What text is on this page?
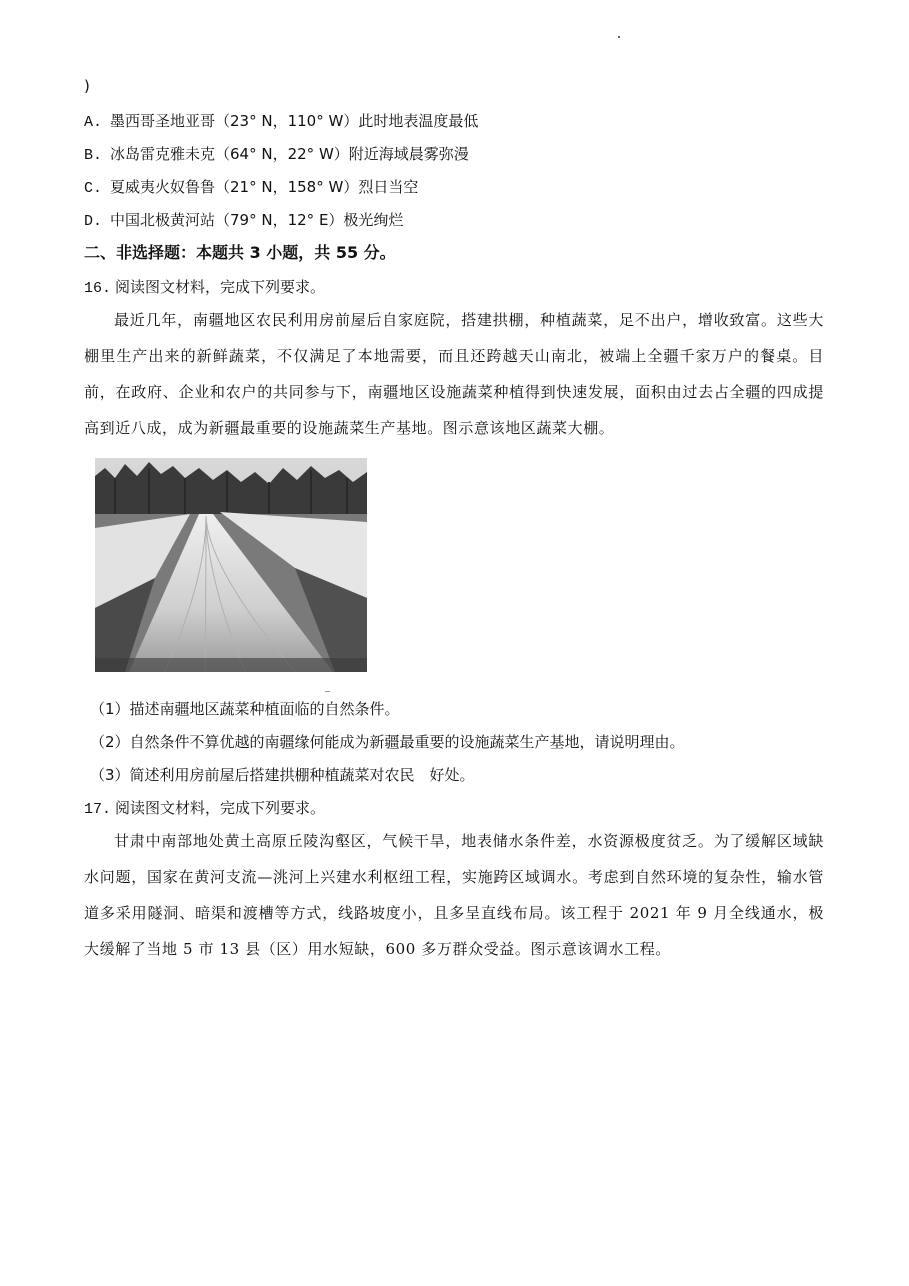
)
A. 墨西哥圣地亚哥（23° N，110° W）此时地表温度最低
B. 冰岛雷克雅未克（64° N，22° W）附近海域晨雾弥漫
C. 夏威夷火奴鲁鲁（21° N，158° W）烈日当空
D. 中国北极黄河站（79° N，12° E）极光绚烂
二、非选择题：本题共 3 小题，共 55 分。
16. 阅读图文材料，完成下列要求。
最近几年，南疆地区农民利用房前屋后自家庭院，搭建拱棚，种植蔬菜，足不出户，增收致富。这些大棚里生产出来的新鲜蔬菜，不仅满足了本地需要，而且还跨越天山南北，被端上全疆千家万户的餐桌。目前，在政府、企业和农户的共同参与下，南疆地区设施蔬菜种植得到快速发展，面积由过去占全疆的四成提高到近八成，成为新疆最重要的设施蔬菜生产基地。图示意该地区蔬菜大棚。
（1）描述南疆地区蔬菜种植面临的自然条件。
（2）自然条件不算优越的南疆缘何能成为新疆最重要的设施蔬菜生产基地，请说明理由。
（3）简述利用房前屋后搭建拱棚种植蔬菜对农民　好处。
17. 阅读图文材料，完成下列要求。
甘肃中南部地处黄土高原丘陵沟壑区，气候干旱，地表储水条件差，水资源极度贫乏。为了缓解区域缺水问题，国家在黄河支流—洮河上兴建水利枢纽工程，实施跨区域调水。考虑到自然环境的复杂性，输水管道多采用隧洞、暗渠和渡槽等方式，线路坡度小，且多呈直线布局。该工程于 2021 年 9 月全线通水，极大缓解了当地 5 市 13 县（区）用水短缺，600 多万群众受益。图示意该调水工程。
